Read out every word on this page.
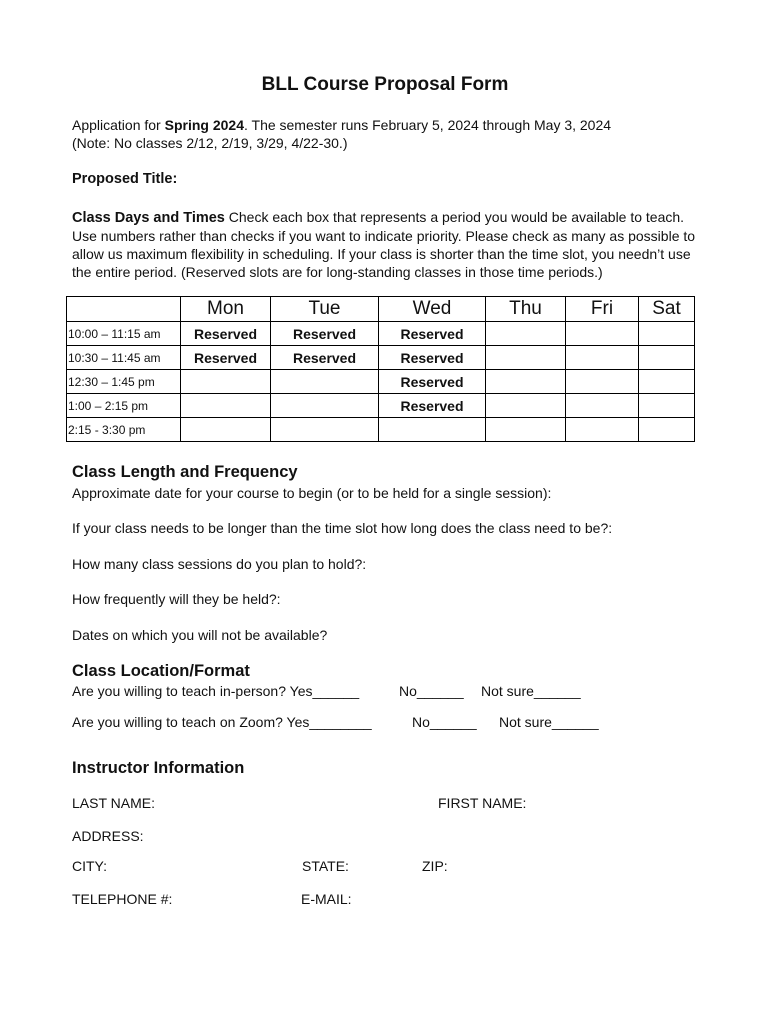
BLL Course Proposal Form
Application for Spring 2024. The semester runs February 5, 2024 through May 3, 2024
(Note: No classes 2/12, 2/19, 3/29, 4/22-30.)
Proposed Title:
Class Days and Times Check each box that represents a period you would be available to teach. Use numbers rather than checks if you want to indicate priority. Please check as many as possible to allow us maximum flexibility in scheduling. If your class is shorter than the time slot, you needn’t use the entire period. (Reserved slots are for long-standing classes in those time periods.)
	Mon	Tue	Wed	Thu	Fri	Sat
10:00 – 11:15 am	Reserved	Reserved	Reserved			
10:30 – 11:45 am	Reserved	Reserved	Reserved			
12:30 – 1:45 pm			Reserved			
1:00 – 2:15 pm			Reserved			
2:15 - 3:30 pm						
Class Length and Frequency
Approximate date for your course to begin (or to be held for a single session):
If your class needs to be longer than the time slot how long does the class need to be?:
How many class sessions do you plan to hold?:
How frequently will they be held?:
Dates on which you will not be available?
Class Location/Format
Are you willing to teach in-person? Yes______	No______ Not sure______
Are you willing to teach on Zoom? Yes________	No______ Not sure______
Instructor Information
LAST NAME:	FIRST NAME:
ADDRESS:
CITY:	STATE:	ZIP:
TELEPHONE #:	E-MAIL:
